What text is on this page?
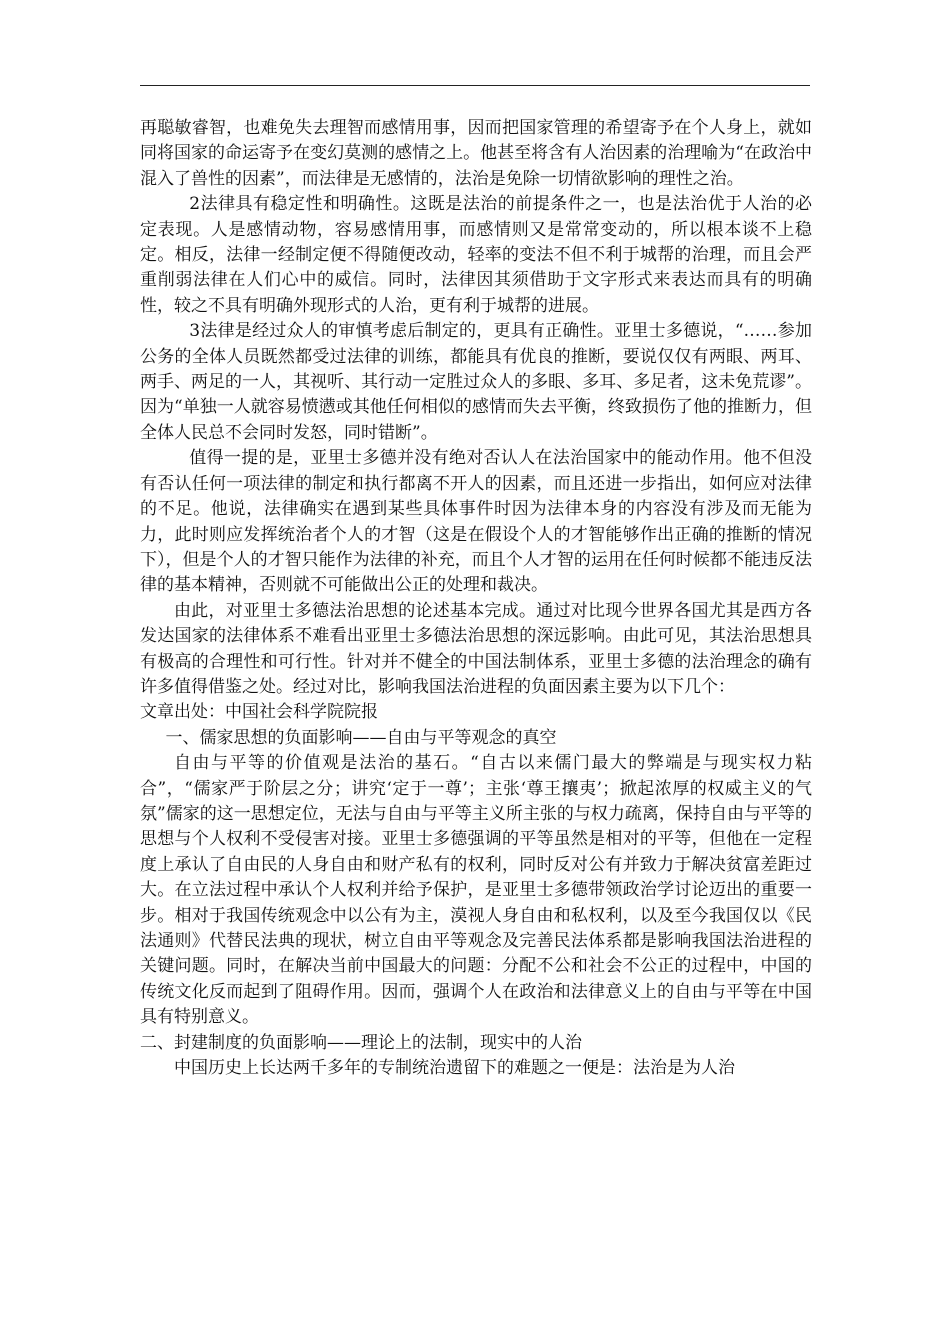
再聪敏睿智，也难免失去理智而感情用事，因而把国家管理的希望寄予在个人身上，就如同将国家的命运寄予在变幻莫测的感情之上。他甚至将含有人治因素的治理喻为“在政治中混入了兽性的因素”，而法律是无感情的，法治是免除一切情欲影响的理性之治。

2法律具有稳定性和明确性。这既是法治的前提条件之一，也是法治优于人治的必定表现。人是感情动物，容易感情用事，而感情则又是常常变动的，所以根本谈不上稳定。相反，法律一经制定便不得随便改动，轻率的变法不但不利于城帮的治理，而且会严重削弱法律在人们心中的威信。同时，法律因其须借助于文字形式来表达而具有的明确性，较之不具有明确外现形式的人治，更有利于城帮的进展。

3法律是经过众人的审慎考虑后制定的，更具有正确性。亚里士多德说，“……参加公务的全体人员既然都受过法律的训练，都能具有优良的推断，要说仅仅有两眼、两耳、两手、两足的一人，其视听、其行动一定胜过众人的多眼、多耳、多足者，这未免荒谬”。因为“单独一人就容易愤懑或其他任何相似的感情而失去平衡，终致损伤了他的推断力，但全体人民总不会同时发怒，同时错断”。

值得一提的是，亚里士多德并没有绝对否认人在法治国家中的能动作用。他不但没有否认任何一项法律的制定和执行都离不开人的因素，而且还进一步指出，如何应对法律的不足。他说，法律确实在遇到某些具体事件时因为法律本身的内容没有涉及而无能为力，此时则应发挥统治者个人的才智（这是在假设个人的才智能够作出正确的推断的情况下），但是个人的才智只能作为法律的补充，而且个人才智的运用在任何时候都不能违反法律的基本精神，否则就不可能做出公正的处理和裁决。

由此，对亚里士多德法治思想的论述基本完成。通过对比现今世界各国尤其是西方各发达国家的法律体系不难看出亚里士多德法治思想的深远影响。由此可见，其法治思想具有极高的合理性和可行性。针对并不健全的中国法制体系，亚里士多德的法治理念的确有许多值得借鉴之处。经过对比，影响我国法治进程的负面因素主要为以下几个：

文章出处：中国社会科学院院报

一、儒家思想的负面影响——自由与平等观念的真空

自由与平等的价值观是法治的基石。“自古以来儒门最大的弊端是与现实权力粘合”，“儒家严于阶层之分；讲究‘定于一尊’；主张‘尊王攘夷’；掀起浓厚的权威主义的气氛”儒家的这一思想定位，无法与自由与平等主义所主张的与权力疏离，保持自由与平等的思想与个人权利不受侵害对接。亚里士多德强调的平等虽然是相对的平等，但他在一定程度上承认了自由民的人身自由和财产私有的权利，同时反对公有并致力于解决贫富差距过大。在立法过程中承认个人权利并给予保护，是亚里士多德带领政治学讨论迈出的重要一步。相对于我国传统观念中以公有为主，漠视人身自由和私权利，以及至今我国仅以《民法通则》代替民法典的现状，树立自由平等观念及完善民法体系都是影响我国法治进程的关键问题。同时，在解决当前中国最大的问题：分配不公和社会不公正的过程中，中国的传统文化反而起到了阻碍作用。因而，强调个人在政治和法律意义上的自由与平等在中国具有特别意义。

二、封建制度的负面影响——理论上的法制，现实中的人治

中国历史上长达两千多年的专制统治遗留下的难题之一便是：法治是为人治
